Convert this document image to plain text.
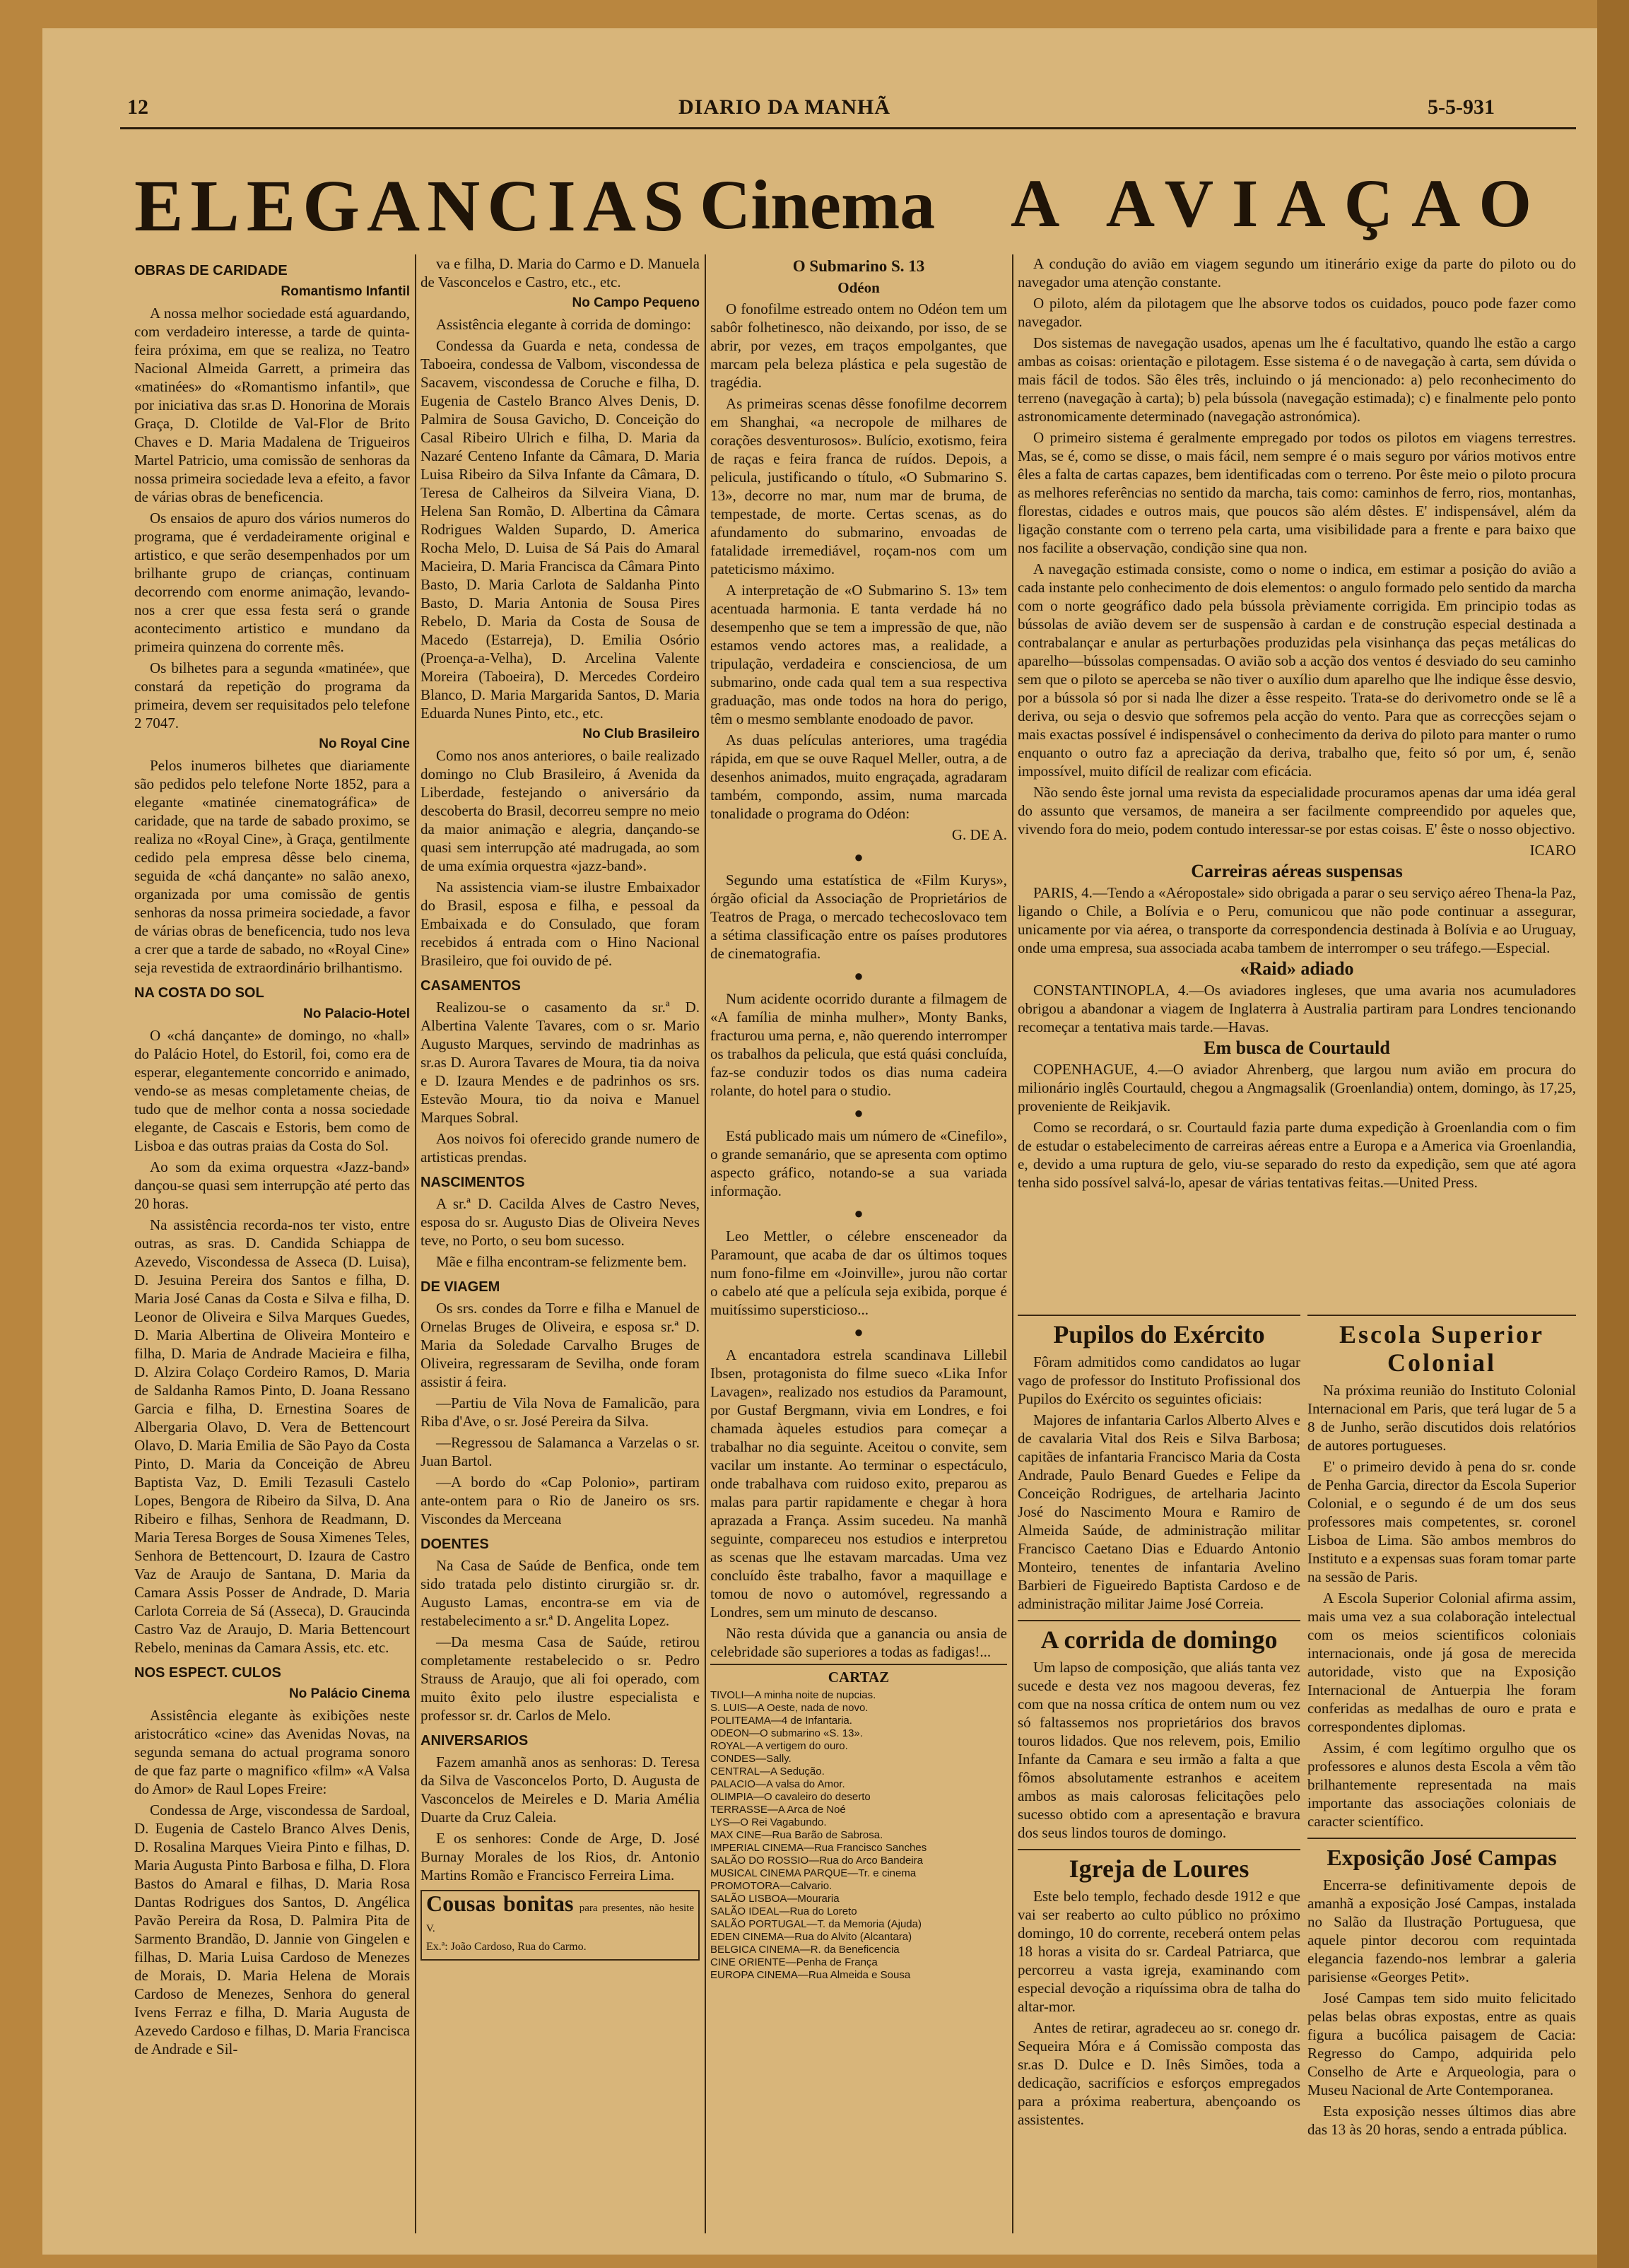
12	DIARIO DA MANHÃ	5-5-931
ELEGANCIAS Cinema A AVIAÇAO
OBRAS DE CARIDADE
Romantismo Infantil

A nossa melhor sociedade está aguardando, com verdadeiro interesse, a tarde de quinta-feira próxima, em que se realiza, no Teatro Nacional Almeida Garrett, a primeira das «matinées» do «Romantismo infantil», que por iniciativa das sr.as D. Honorina de Morais Graça, D. Clotilde de Val-Flor de Brito Chaves e D. Maria Madalena de Trigueiros Martel Patricio, uma comissão de senhoras da nossa primeira sociedade leva a efeito, a favor de várias obras de beneficencia.

Os ensaios de apuro dos vários numeros do programa, que é verdadeiramente original e artistico, e que serão desempenhados por um brilhante grupo de crianças, continuam decorrendo com enorme animação, levando-nos a crer que essa festa será o grande acontecimento artistico e mundano da primeira quinzena do corrente mês.

Os bilhetes para a segunda «matinée», que constará da repetição do programa da primeira, devem ser requisitados pelo telefone 2 7047.

No Royal Cine

Pelos inumeros bilhetes que diariamente são pedidos pelo telefone Norte 1852, para a elegante «matinée cinematográfica» de caridade, que na tarde de sabado proximo, se realiza no «Royal Cine», à Graça, gentilmente cedido pela empresa dêsse belo cinema, seguida de «chá dançante» no salão anexo, organizada por uma comissão de gentis senhoras da nossa primeira sociedade, a favor de várias obras de beneficencia, tudo nos leva a crer que a tarde de sabado, no «Royal Cine» seja revestida de extraordinário brilhantismo.

NA COSTA DO SOL
No Palacio-Hotel

O «chá dançante» de domingo, no «hall» do Palácio Hotel, do Estoril, foi, como era de esperar, elegantemente concorrido e animado, vendo-se as mesas completamente cheias, de tudo que de melhor conta a nossa sociedade elegante, de Cascais e Estoris, bem como de Lisboa e das outras praias da Costa do Sol.

Ao som da exima orquestra «Jazz-band» dançou-se quasi sem interrupção até perto das 20 horas.

Na assistência recorda-nos ter visto, entre outras, as sras. D. Candida Schiappa de Azevedo, Viscondessa de Asseca (D. Luisa), D. Jesuina Pereira dos Santos e filha, D. Maria José Canas da Costa e Silva e filha, D. Leonor de Oliveira e Silva Marques Guedes, D. Maria Albertina de Oliveira Monteiro e filha, D. Maria de Andrade Macieira e filha, D. Alzira Colaço Cordeiro Ramos, D. Maria de Saldanha Ramos Pinto, D. Joana Ressano Garcia e filha, D. Ernestina Soares de Albergaria Olavo, D. Vera de Bettencourt Olavo, D. Maria Emilia de São Payo da Costa Pinto, D. Maria da Conceição de Abreu Baptista Vaz, D. Emili Tezasuli Castelo Lopes, Bengora de Ribeiro da Silva, D. Ana Ribeiro e filhas, Senhora de Readmann, D. Maria Teresa Borges de Sousa Ximenes Teles, Senhora de Bettencourt, D. Izaura de Castro Vaz de Araujo de Santana, D. Maria da Camara Assis Posser de Andrade, D. Maria Carlota Correia de Sá (Asseca), D. Graucinda Castro Vaz de Araujo, D. Maria Bettencourt Rebelo, meninas da Camara Assis, etc. etc.

NOS ESPECT. CULOS
No Palácio Cinema

Assistência elegante às exibições neste aristocrático «cine» das Avenidas Novas, na segunda semana do actual programa sonoro de que faz parte o magnifico «film» «A Valsa do Amor» de Raul Lopes Freire:

Condessa de Arge, viscondessa de Sardoal, D. Eugenia de Castelo Branco Alves Denis, D. Rosalina Marques Vieira Pinto e filhas, D. Maria Augusta Pinto Barbosa e filha, D. Flora Bastos do Amaral e filhas, D. Maria Rosa Dantas Rodrigues dos Santos, D. Angélica Pavão Pereira da Rosa, D. Palmira Pita de Sarmento Brandão, D. Jannie von Gingelen e filhas, D. Maria Luisa Cardoso de Menezes de Morais, D. Maria Helena de Morais Cardoso de Menezes, Senhora do general Ivens Ferraz e filha, D. Maria Augusta de Azevedo Cardoso e filhas, D. Maria Francisca de Andrade e Sil-

va e filha, D. Maria do Carmo e D. Manuela de Vasconcelos e Castro, etc., etc.

No Campo Pequeno

Assistência elegante à corrida de domingo:

Condessa da Guarda e neta, condessa de Taboeira, condessa de Valbom, viscondessa de Sacavem, viscondessa de Coruche e filha, D. Eugenia de Castelo Branco Alves Denis, D. Palmira de Sousa Gavicho, D. Conceição do Casal Ribeiro Ulrich e filha, D. Maria da Nazaré Centeno Infante da Câmara, D. Maria Luisa Ribeiro da Silva Infante da Câmara, D. Teresa de Calheiros da Silveira Viana, D. Helena San Romão, D. Albertina da Câmara Rodrigues Walden Supardo, D. America Rocha Melo, D. Luisa de Sá Pais do Amaral Macieira, D. Maria Francisca da Câmara Pinto Basto, D. Maria Carlota de Saldanha Pinto Basto, D. Maria Antonia de Sousa Pires Rebelo, D. Maria da Costa de Sousa de Macedo (Estarreja), D. Emilia Osório (Proença-a-Velha), D. Arcelina Valente Moreira (Taboeira), D. Mercedes Cordeiro Blanco, D. Maria Margarida Santos, D. Maria Eduarda Nunes Pinto, etc., etc.

No Club Brasileiro

Como nos anos anteriores, o baile realizado domingo no Club Brasileiro, á Avenida da Liberdade, festejando o aniversário da descoberta do Brasil, decorreu sempre no meio da maior animação e alegria, dançando-se quasi sem interrupção até madrugada, ao som de uma exímia orquestra «jazz-band».

Na assistencia viam-se ilustre Embaixador do Brasil, esposa e filha, e pessoal da Embaixada e do Consulado, que foram recebidos á entrada com o Hino Nacional Brasileiro, que foi ouvido de pé.

CASAMENTOS

Realizou-se o casamento da sr.ª D. Albertina Valente Tavares, com o sr. Mario Augusto Marques, servindo de madrinhas as sr.as D. Aurora Tavares de Moura, tia da noiva e D. Izaura Mendes e de padrinhos os srs. Estevão Moura, tio da noiva e Manuel Marques Sobral.

Aos noivos foi oferecido grande numero de artisticas prendas.

NASCIMENTOS

A sr.ª D. Cacilda Alves de Castro Neves, esposa do sr. Augusto Dias de Oliveira Neves teve, no Porto, o seu bom sucesso.

Mãe e filha encontram-se felizmente bem.

DE VIAGEM

Os srs. condes da Torre e filha e Manuel de Ornelas Bruges de Oliveira, e esposa sr.ª D. Maria da Soledade Carvalho Bruges de Oliveira, regressaram de Sevilha, onde foram assistir á feira.

—Partiu de Vila Nova de Famalicão, para Riba d'Ave, o sr. José Pereira da Silva.

—Regressou de Salamanca a Varzelas o sr. Juan Bartol.

—A bordo do «Cap Polonio», partiram ante-ontem para o Rio de Janeiro os srs. Viscondes da Merceana

DOENTES

Na Casa de Saúde de Benfica, onde tem sido tratada pelo distinto cirurgião sr. dr. Augusto Lamas, encontra-se em via de restabelecimento a sr.ª D. Angelita Lopez.

—Da mesma Casa de Saúde, retirou completamente restabelecido o sr. Pedro Strauss de Araujo, que ali foi operado, com muito êxito pelo ilustre especialista e professor sr. dr. Carlos de Melo.

ANIVERSARIOS

Fazem amanhã anos as senhoras: D. Teresa da Silva de Vasconcelos Porto, D. Augusta de Vasconcelos de Meireles e D. Maria Amélia Duarte da Cruz Caleia.

E os senhores: Conde de Arge, D. José Burnay Morales de los Rios, dr. Antonio Martins Romão e Francisco Ferreira Lima.

Cousas bonitas para presentes, não hesite V.
Ex.ª: João Cardoso, Rua do Carmo.
O Submarino S. 13
Odéon

O fonofilme estreado ontem no Odéon tem um sabôr folhetinesco, não deixando, por isso, de se abrir, por vezes, em traços empolgantes, que marcam pela beleza plástica e pela sugestão de tragédia.

As primeiras scenas dêsse fonofilme decorrem em Shanghai, «a necropole de milhares de corações desventurosos». Bulício, exotismo, feira de raças e feira franca de ruídos. Depois, a pelicula, justificando o título, «O Submarino S. 13», decorre no mar, num mar de bruma, de tempestade, de morte. Certas scenas, as do afundamento do submarino, envoadas de fatalidade irremediável, roçam-nos com um pateticismo máximo.

A interpretação de «O Submarino S. 13» tem acentuada harmonia. E tanta verdade há no desempenho que se tem a impressão de que, não estamos vendo actores mas, a realidade, a tripulação, verdadeira e conscienciosa, de um submarino, onde cada qual tem a sua respectiva graduação, mas onde todos na hora do perigo, têm o mesmo semblante enodoado de pavor.

As duas películas anteriores, uma tragédia rápida, em que se ouve Raquel Meller, outra, a de desenhos animados, muito engraçada, agradaram também, compondo, assim, numa marcada tonalidade o programa do Odéon:

G. DE A.
●

Segundo uma estatística de «Film Kurys», órgão oficial da Associação de Proprietários de Teatros de Praga, o mercado techecoslovaco tem a sétima classificação entre os países produtores de cinematografia.

●

Num acidente ocorrido durante a filmagem de «A família de minha mulher», Monty Banks, fracturou uma perna, e, não querendo interromper os trabalhos da pelicula, que está quási concluída, faz-se conduzir todos os dias numa cadeira rolante, do hotel para o studio.

●

Está publicado mais um número de «Cinefilo», o grande semanário, que se apresenta com optimo aspecto gráfico, notando-se a sua variada informação.

●

Leo Mettler, o célebre ensceneador da Paramount, que acaba de dar os últimos toques num fono-filme em «Joinville», jurou não cortar o cabelo até que a película seja exibida, porque é muitíssimo supersticioso...

●

A encantadora estrela scandinava Lillebil Ibsen, protagonista do filme sueco «Lika Infor Lavagen», realizado nos estudios da Paramount, por Gustaf Bergmann, vivia em Londres, e foi chamada àqueles estudios para começar a trabalhar no dia seguinte. Aceitou o convite, sem vacilar um instante. Ao terminar o espectáculo, onde trabalhava com ruidoso exito, preparou as malas para partir rapidamente e chegar à hora aprazada a França. Assim sucedeu. Na manhã seguinte, compareceu nos estudios e interpretou as scenas que lhe estavam marcadas. Uma vez concluído êste trabalho, favor a maquillage e tomou de novo o automóvel, regressando a Londres, sem um minuto de descanso.

Não resta dúvida que a ganancia ou ansia de celebridade são superiores a todas as fadigas!...

CARTAZ
TIVOLI—A minha noite de nupcias.
S. LUIS—A Oeste, nada de novo.
POLITEAMA—4 de Infantaria.
ODEON—O submarino «S. 13».
ROYAL—A vertigem do ouro.
CONDES—Sally.
CENTRAL—A Sedução.
PALACIO—A valsa do Amor.
OLIMPIA—O cavaleiro do deserto
TERRASSE—A Arca de Noé
LYS—O Rei Vagabundo.
MAX CINE—Rua Barão de Sabrosa.
IMPERIAL CINEMA—Rua Francisco Sanches
SALÃO DO ROSSIO—Rua do Arco Bandeira
MUSICAL CINEMA PARQUE—Tr. e cinema
PROMOTORA—Calvario.
SALÃO LISBOA—Mouraria
SALÃO IDEAL—Rua do Loreto
SALÃO PORTUGAL—T. da Memoria (Ajuda)
EDEN CINEMA—Rua do Alvito (Alcantara)
BELGICA CINEMA—R. da Beneficencia
CINE ORIENTE—Penha de França
EUROPA CINEMA—Rua Almeida e Sousa

A condução do avião em viagem segundo um itinerário exige da parte do piloto ou do navegador uma atenção constante.

O piloto, além da pilotagem que lhe absorve todos os cuidados, pouco pode fazer como navegador.

Dos sistemas de navegação usados, apenas um lhe é facultativo, quando lhe estão a cargo ambas as coisas: orientação e pilotagem. Esse sistema é o de navegação à carta, sem dúvida o mais fácil de todos. São êles três, incluindo o já mencionado: a) pelo reconhecimento do terreno (navegação à carta); b) pela bússola (navegação estimada); c) e finalmente pelo ponto astronomicamente determinado (navegação astronómica).

O primeiro sistema é geralmente empregado por todos os pilotos em viagens terrestres. Mas, se é, como se disse, o mais fácil, nem sempre é o mais seguro por vários motivos entre êles a falta de cartas capazes, bem identificadas com o terreno. Por êste meio o piloto procura as melhores referências no sentido da marcha, tais como: caminhos de ferro, rios, montanhas, florestas, cidades e outros mais, que poucos são além dêstes. E' indispensável, além da ligação constante com o terreno pela carta, uma visibilidade para a frente e para baixo que nos facilite a observação, condição sine qua non.

A navegação estimada consiste, como o nome o indica, em estimar a posição do avião a cada instante pelo conhecimento de dois elementos: o angulo formado pelo sentido da marcha com o norte geográfico dado pela bússola prèviamente corrigida. Em principio todas as bússolas de avião devem ser de suspensão à cardan e de construção especial destinada a contrabalançar e anular as perturbações produzidas pela visinhança das peças metálicas do aparelho—bússolas compensadas. O avião sob a acção dos ventos é desviado do seu caminho sem que o piloto se aperceba se não tiver o auxílio dum aparelho que lhe indique êsse desvio, por a bússola só por si nada lhe dizer a êsse respeito. Trata-se do derivometro onde se lê a deriva, ou seja o desvio que sofremos pela acção do vento. Para que as correcções sejam o mais exactas possível é indispensável o conhecimento da deriva do piloto para manter o rumo enquanto o outro faz a apreciação da deriva, trabalho que, feito só por um, é, senão impossível, muito difícil de realizar com eficácia.

Não sendo êste jornal uma revista da especialidade procuramos apenas dar uma idéa geral do assunto que versamos, de maneira a ser facilmente compreendido por aqueles que, vivendo fora do meio, podem contudo interessar-se por estas coisas. E' êste o nosso objectivo.

ICARO
Carreiras aéreas suspensas

PARIS, 4.—Tendo a «Aéropostale» sido obrigada a parar o seu serviço aéreo Thena-la Paz, ligando o Chile, a Bolívia e o Peru, comunicou que não pode continuar a assegurar, unicamente por via aérea, o transporte da correspondencia destinada à Bolívia e ao Uruguay, onde uma empresa, sua associada acaba tambem de interromper o seu tráfego.—Especial.

«Raid» adiado

CONSTANTINOPLA, 4.—Os aviadores ingleses, que uma avaria nos acumuladores obrigou a abandonar a viagem de Inglaterra à Australia partiram para Londres tencionando recomeçar a tentativa mais tarde.—Havas.

Em busca de Courtauld

COPENHAGUE, 4.—O aviador Ahrenberg, que largou num avião em procura do milionário inglês Courtauld, chegou a Angmagsalik (Groenlandia) ontem, domingo, às 17,25, proveniente de Reikjavik.

Como se recordará, o sr. Courtauld fazia parte duma expedição à Groenlandia com o fim de estudar o estabelecimento de carreiras aéreas entre a Europa e a America via Groenlandia, e, devido a uma ruptura de gelo, viu-se separado do resto da expedição, sem que até agora tenha sido possível salvá-lo, apesar de várias tentativas feitas.—United Press.

Pupilos do Exército

Fôram admitidos como candidatos ao lugar vago de professor do Instituto Profissional dos Pupilos do Exército os seguintes oficiais:

Majores de infantaria Carlos Alberto Alves e de cavalaria Vital dos Reis e Silva Barbosa; capitães de infantaria Francisco Maria da Costa Andrade, Paulo Benard Guedes e Felipe da Conceição Rodrigues, de artelharia Jacinto José do Nascimento Moura e Ramiro de Almeida Saúde, de administração militar Francisco Caetano Dias e Eduardo Antonio Monteiro, tenentes de infantaria Avelino Barbieri de Figueiredo Baptista Cardoso e de administração militar Jaime José Correia.

A corrida de domingo

Um lapso de composição, que aliás tanta vez sucede e desta vez nos magoou deveras, fez com que na nossa crítica de ontem num ou vez só faltassemos nos proprietários dos bravos touros lidados. Que nos relevem, pois, Emilio Infante da Camara e seu irmão a falta a que fômos absolutamente estranhos e aceitem ambos as mais calorosas felicitações pelo sucesso obtido com a apresentação e bravura dos seus lindos touros de domingo.

Igreja de Loures

Este belo templo, fechado desde 1912 e que vai ser reaberto ao culto público no próximo domingo, 10 do corrente, receberá ontem pelas 18 horas a visita do sr. Cardeal Patriarca, que percorreu a vasta igreja, examinando com especial devoção a riquíssima obra de talha do altar-mor.

Antes de retirar, agradeceu ao sr. conego dr. Sequeira Móra e á Comissão composta das sr.as D. Dulce e D. Inês Simões, toda a dedicação, sacrifícios e esforços empregados para a próxima reabertura, abençoando os assistentes.

Escola Superior
Colonial

Na próxima reunião do Instituto Colonial Internacional em Paris, que terá lugar de 5 a 8 de Junho, serão discutidos dois relatórios de autores portugueses.

E' o primeiro devido à pena do sr. conde de Penha Garcia, director da Escola Superior Colonial, e o segundo é de um dos seus professores mais competentes, sr. coronel Lisboa de Lima. São ambos membros do Instituto e a expensas suas foram tomar parte na sessão de Paris.

A Escola Superior Colonial afirma assim, mais uma vez a sua colaboração intelectual com os meios scientificos coloniais internacionais, onde já gosa de merecida autoridade, visto que na Exposição Internacional de Antuerpia lhe foram conferidas as medalhas de ouro e prata e correspondentes diplomas.

Assim, é com legítimo orgulho que os professores e alunos desta Escola a vêm tão brilhantemente representada na mais importante das associações coloniais de caracter scientífico.

Exposição José Campas

Encerra-se definitivamente depois de amanhã a exposição José Campas, instalada no Salão da Ilustração Portuguesa, que aquele pintor decorou com requintada elegancia fazendo-nos lembrar a galeria parisiense «Georges Petit».

José Campas tem sido muito felicitado pelas belas obras expostas, entre as quais figura a bucólica paisagem de Cacia: Regresso do Campo, adquirida pelo Conselho de Arte e Arqueologia, para o Museu Nacional de Arte Contemporanea.

Esta exposição nesses últimos dias abre das 13 às 20 horas, sendo a entrada pública.
